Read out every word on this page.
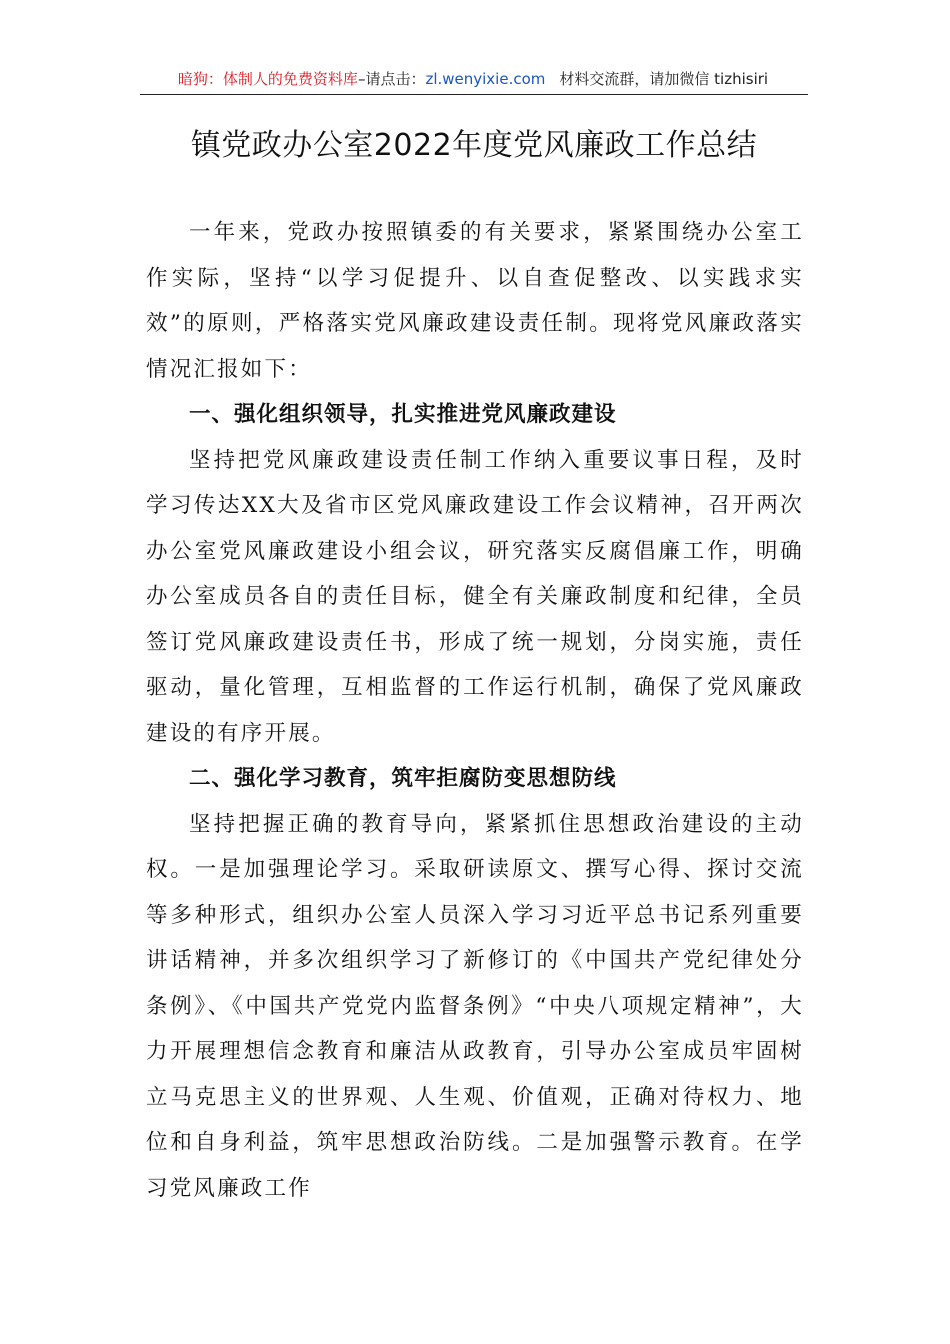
暗狗：体制人的免费资料库–请点击：zl.wenyixie.com 材料交流群，请加微信 tizhisiri
镇党政办公室2022年度党风廉政工作总结

一年来，党政办按照镇委的有关要求，紧紧围绕办公室工作实际，坚持“以学习促提升、以自查促整改、以实践求实效”的原则，严格落实党风廉政建设责任制。现将党风廉政落实情况汇报如下：

一、强化组织领导，扎实推进党风廉政建设

坚持把党风廉政建设责任制工作纳入重要议事日程，及时学习传达XX大及省市区党风廉政建设工作会议精神，召开两次办公室党风廉政建设小组会议，研究落实反腐倡廉工作，明确办公室成员各自的责任目标，健全有关廉政制度和纪律，全员签订党风廉政建设责任书，形成了统一规划，分岗实施，责任驱动，量化管理，互相监督的工作运行机制，确保了党风廉政建设的有序开展。

二、强化学习教育，筑牢拒腐防变思想防线

坚持把握正确的教育导向，紧紧抓住思想政治建设的主动权。一是加强理论学习。采取研读原文、撰写心得、探讨交流等多种形式，组织办公室人员深入学习习近平总书记系列重要讲话精神，并多次组织学习了新修订的《中国共产党纪律处分条例》、《中国共产党党内监督条例》“中央八项规定精神”，大力开展理想信念教育和廉洁从政教育，引导办公室成员牢固树立马克思主义的世界观、人生观、价值观，正确对待权力、地位和自身利益，筑牢思想政治防线。二是加强警示教育。在学习党风廉政工作
